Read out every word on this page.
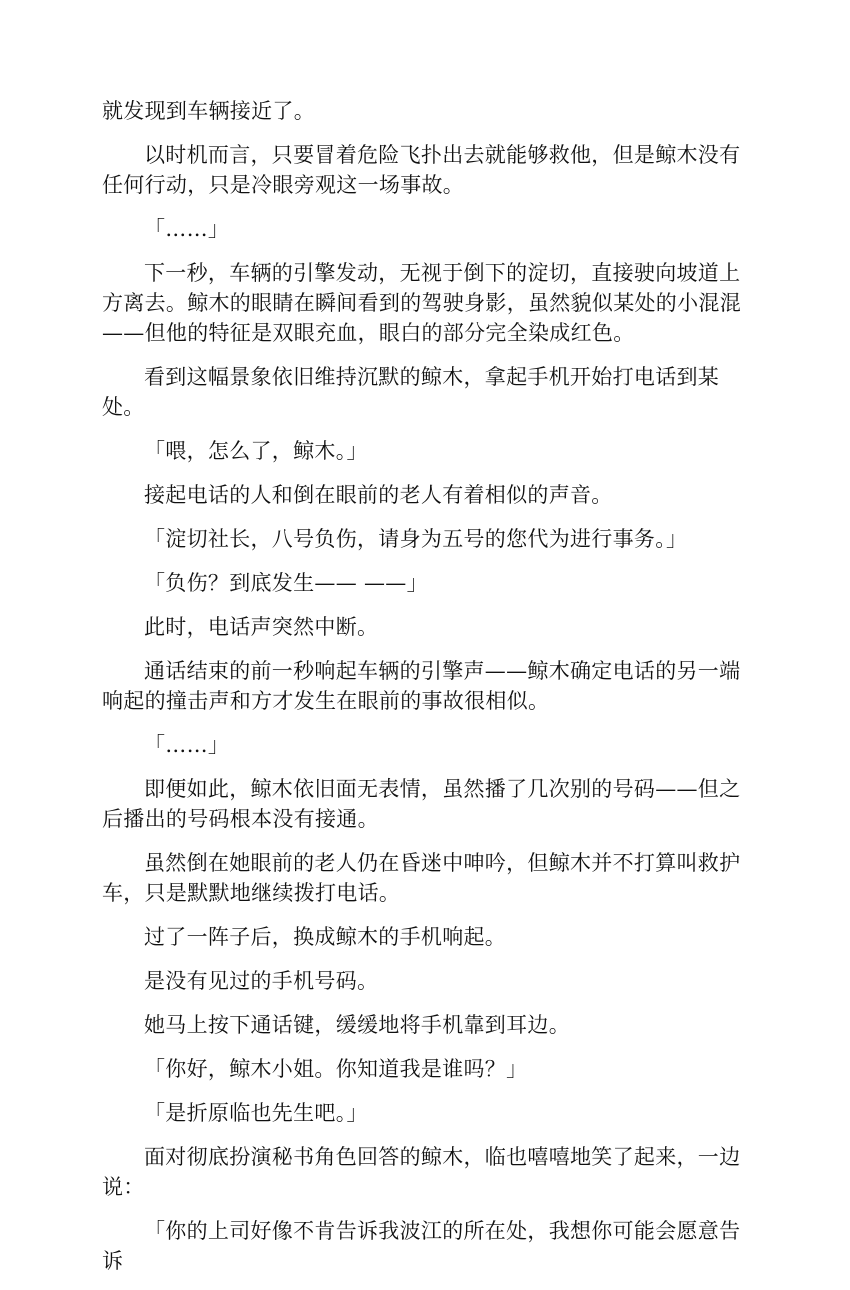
就发现到车辆接近了。

以时机而言，只要冒着危险飞扑出去就能够救他，但是鲸木没有任何行动，只是冷眼旁观这一场事故。

「……」

下一秒，车辆的引擎发动，无视于倒下的淀切，直接驶向坡道上方离去。鲸木的眼睛在瞬间看到的驾驶身影，虽然貌似某处的小混混——但他的特征是双眼充血，眼白的部分完全染成红色。

看到这幅景象依旧维持沉默的鲸木，拿起手机开始打电话到某处。

「喂，怎么了，鲸木。」

接起电话的人和倒在眼前的老人有着相似的声音。

「淀切社长，八号负伤，请身为五号的您代为进行事务。」

「负伤？到底发生—— ——」

此时，电话声突然中断。

通话结束的前一秒响起车辆的引擎声——鲸木确定电话的另一端响起的撞击声和方才发生在眼前的事故很相似。

「……」

即便如此，鲸木依旧面无表情，虽然播了几次别的号码——但之后播出的号码根本没有接通。

虽然倒在她眼前的老人仍在昏迷中呻吟，但鲸木并不打算叫救护车，只是默默地继续拨打电话。

过了一阵子后，换成鲸木的手机响起。

是没有见过的手机号码。

她马上按下通话键，缓缓地将手机靠到耳边。

「你好，鲸木小姐。你知道我是谁吗？」

「是折原临也先生吧。」

面对彻底扮演秘书角色回答的鲸木，临也嘻嘻地笑了起来，一边说：

「你的上司好像不肯告诉我波江的所在处，我想你可能会愿意告诉
